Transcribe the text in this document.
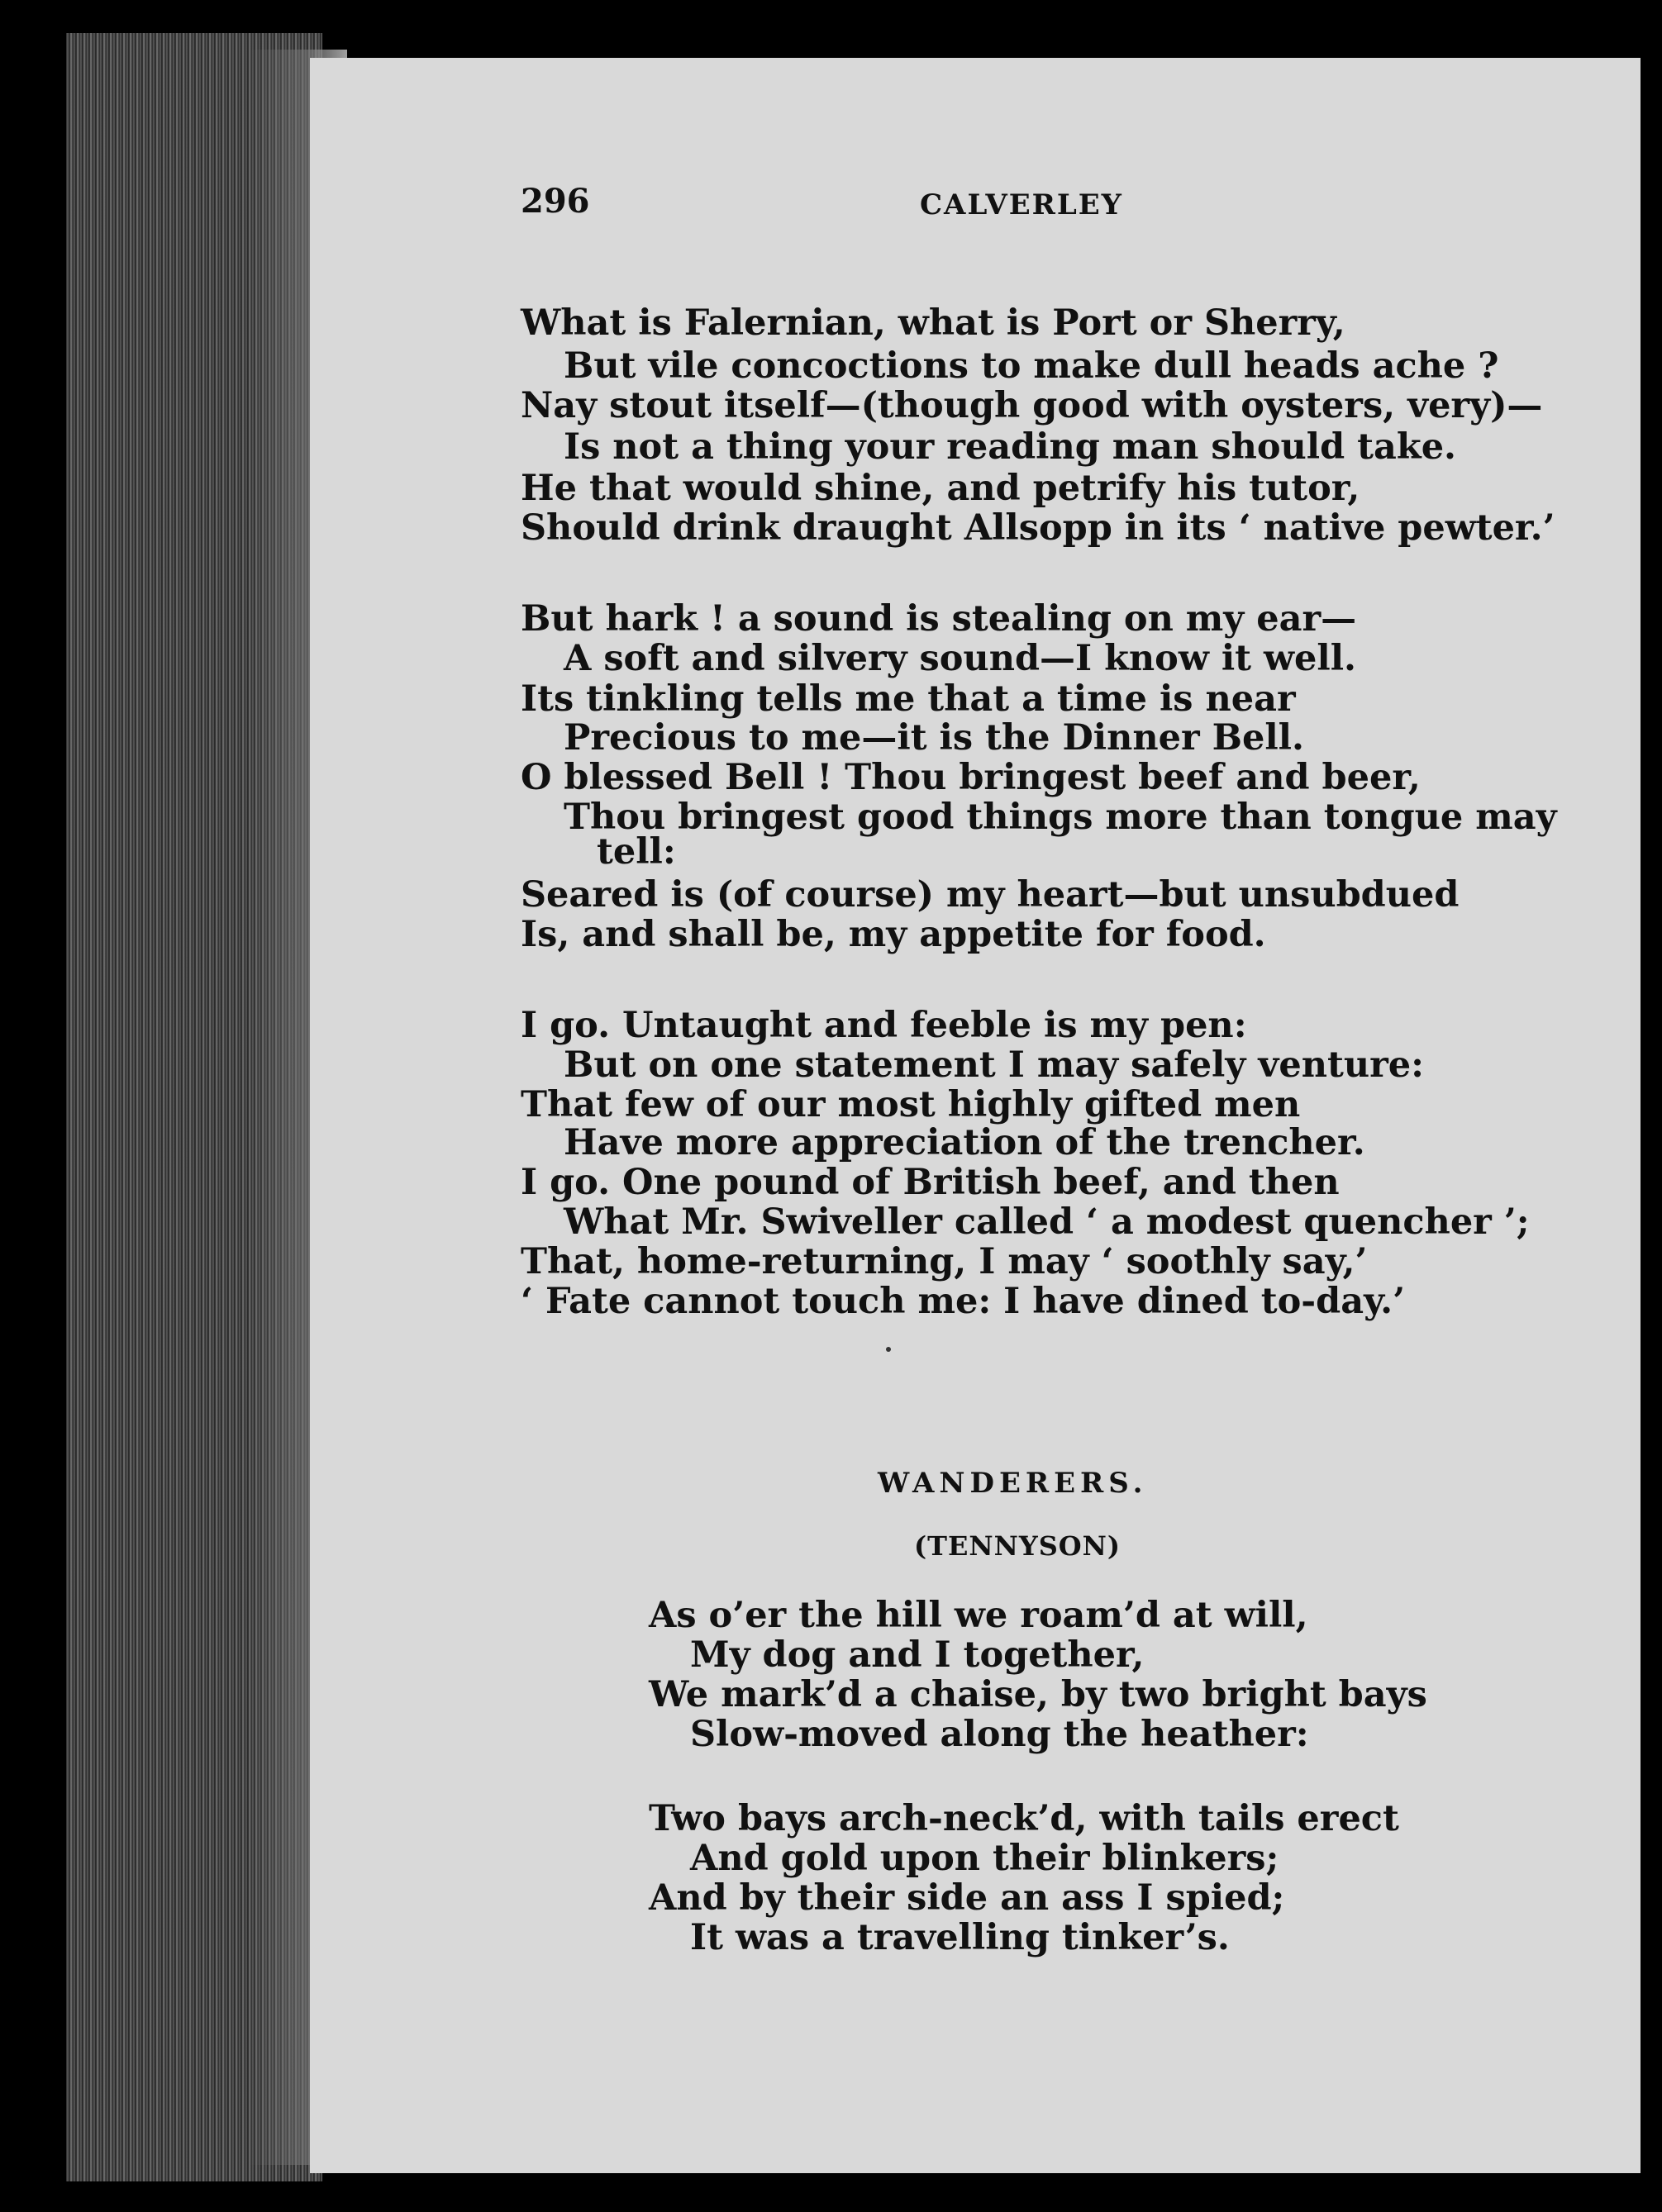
296	CALVERLEY
What is Falernian, what is Port or Sherry,
But vile concoctions to make dull heads ache ?
Nay stout itself—(though good with oysters, very)—
Is not a thing your reading man should take.
He that would shine, and petrify his tutor,
Should drink draught Allsopp in its ‘ native pewter.’
But hark ! a sound is stealing on my ear—
A soft and silvery sound—I know it well.
Its tinkling tells me that a time is near
Precious to me—it is the Dinner Bell.
O blessed Bell ! Thou bringest beef and beer,
Thou bringest good things more than tongue may
tell:
Seared is (of course) my heart—but unsubdued
Is, and shall be, my appetite for food.
I go. Untaught and feeble is my pen:
But on one statement I may safely venture:
That few of our most highly gifted men
Have more appreciation of the trencher.
I go. One pound of British beef, and then
What Mr. Swiveller called ‘ a modest quencher ’;
That, home-returning, I may ‘ soothly say,’
‘ Fate cannot touch me: I have dined to-day.’
WANDERERS.
(TENNYSON)
As o’er the hill we roam’d at will,
My dog and I together,
We mark’d a chaise, by two bright bays
Slow-moved along the heather:
Two bays arch-neck’d, with tails erect
And gold upon their blinkers;
And by their side an ass I spied;
It was a travelling tinker’s.
